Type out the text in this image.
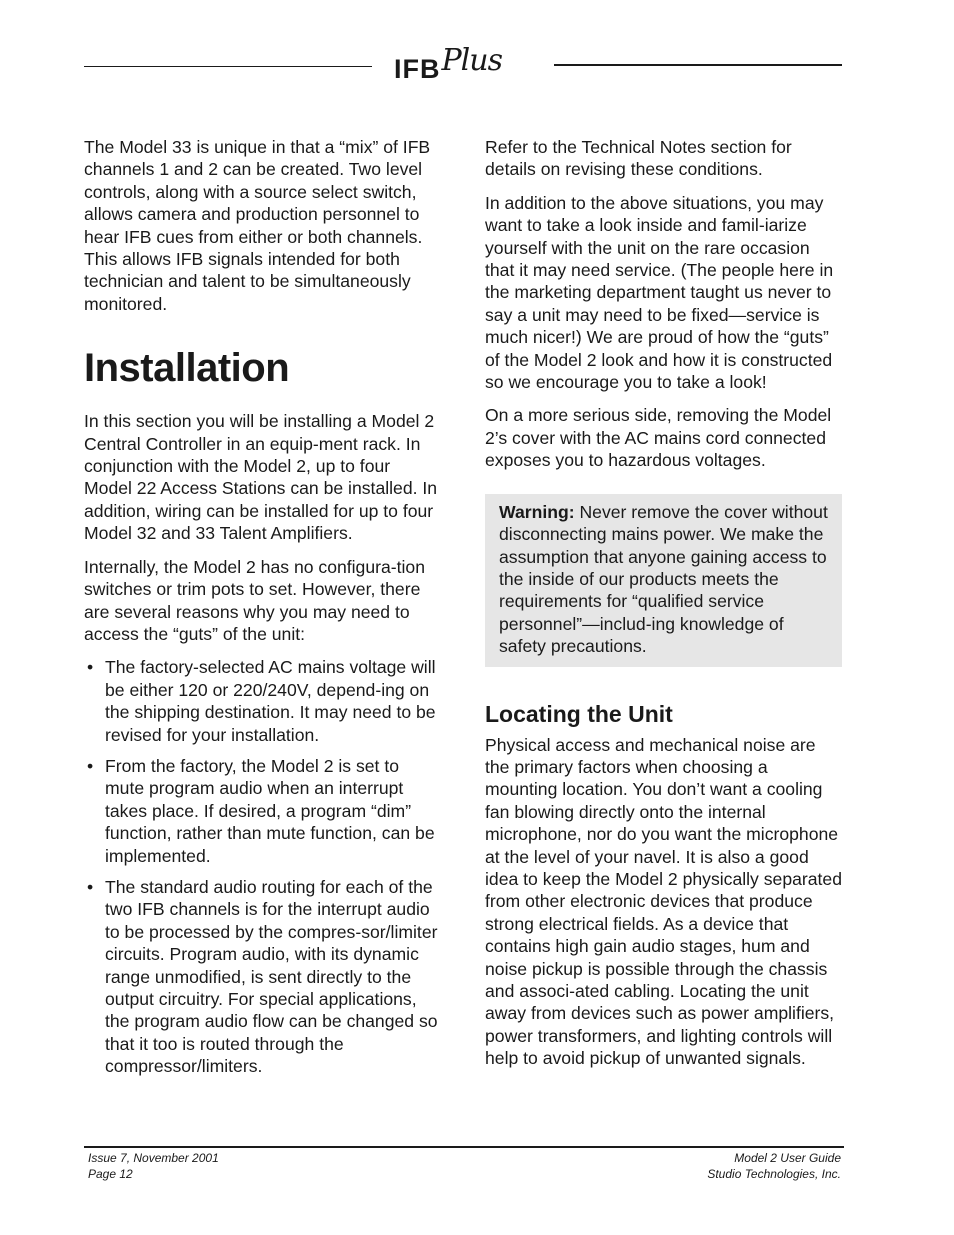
IFB Plus

The Model 33 is unique in that a “mix” of IFB channels 1 and 2 can be created. Two level controls, along with a source select switch, allows camera and production personnel to hear IFB cues from either or both channels. This allows IFB signals intended for both technician and talent to be simultaneously monitored.

Installation

In this section you will be installing a Model 2 Central Controller in an equip-ment rack. In conjunction with the Model 2, up to four Model 22 Access Stations can be installed. In addition, wiring can be installed for up to four Model 32 and 33 Talent Amplifiers.

Internally, the Model 2 has no configura-tion switches or trim pots to set. However, there are several reasons why you may need to access the “guts” of the unit:

• The factory-selected AC mains voltage will be either 120 or 220/240V, depend-ing on the shipping destination. It may need to be revised for your installation.
• From the factory, the Model 2 is set to mute program audio when an interrupt takes place. If desired, a program “dim” function, rather than mute function, can be implemented.
• The standard audio routing for each of the two IFB channels is for the interrupt audio to be processed by the compres-sor/limiter circuits. Program audio, with its dynamic range unmodified, is sent directly to the output circuitry. For special applications, the program audio flow can be changed so that it too is routed through the compressor/limiters.

Refer to the Technical Notes section for details on revising these conditions.

In addition to the above situations, you may want to take a look inside and famil-iarize yourself with the unit on the rare occasion that it may need service. (The people here in the marketing department taught us never to say a unit may need to be fixed—service is much nicer!) We are proud of how the “guts” of the Model 2 look and how it is constructed so we encourage you to take a look!

On a more serious side, removing the Model 2’s cover with the AC mains cord connected exposes you to hazardous voltages.

Warning: Never remove the cover without disconnecting mains power. We make the assumption that anyone gaining access to the inside of our products meets the requirements for “qualified service personnel”—includ-ing knowledge of safety precautions.
Locating the Unit

Physical access and mechanical noise are the primary factors when choosing a mounting location. You don’t want a cooling fan blowing directly onto the internal microphone, nor do you want the microphone at the level of your navel. It is also a good idea to keep the Model 2 physically separated from other electronic devices that produce strong electrical fields. As a device that contains high gain audio stages, hum and noise pickup is possible through the chassis and associ-ated cabling. Locating the unit away from devices such as power amplifiers, power transformers, and lighting controls will help to avoid pickup of unwanted signals.

Issue 7, November 2001
Page 12
Model 2 User Guide
Studio Technologies, Inc.
